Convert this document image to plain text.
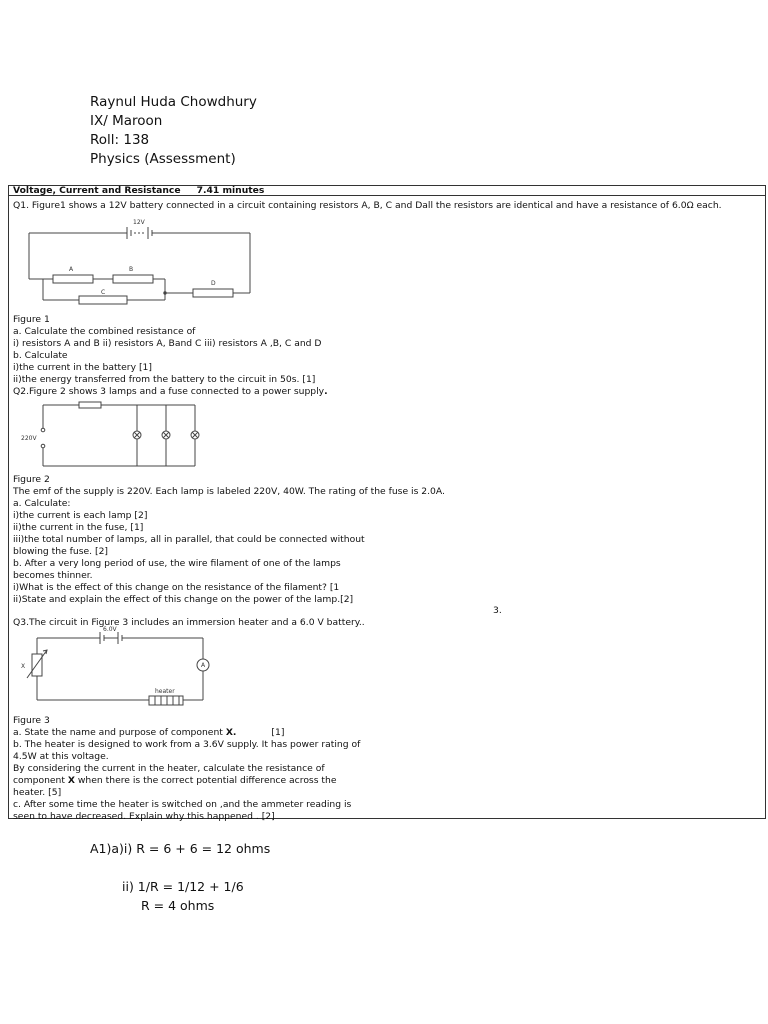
Raynul Huda Chowdhury
IX/ Maroon
Roll: 138
Physics (Assessment)
Voltage, Current and Resistance 7.41 minutes
Q1. Figure1 shows a 12V battery connected in a circuit containing resistors A, B, C and Dall the resistors are identical and have a resistance of 6.0Ω each.
12V
A	B
C
D
Figure 1
a. Calculate the combined resistance of
i) resistors A and B ii) resistors A, Band C iii) resistors A ,B, C and D
b. Calculate
i)the current in the battery [1]
ii)the energy transferred from the battery to the circuit in 50s. [1]
Q2.Figure 2 shows 3 lamps and a fuse connected to a power supply.
220V
Figure 2
The emf of the supply is 220V. Each lamp is labeled 220V, 40W. The rating of the fuse is 2.0A.
a. Calculate:
i)the current is each lamp [2]
ii)the current in the fuse, [1]
iii)the total number of lamps, all in parallel, that could be connected without
blowing the fuse. [2]
b. After a very long period of use, the wire filament of one of the lamps
becomes thinner.
i)What is the effect of this change on the resistance of the filament? [1
ii)State and explain the effect of this change on the power of the lamp.[2]
3.
Q3.The circuit in Figure 3 includes an immersion heater and a 6.0 V battery..
6.0V
X
heater
A
Figure 3
a. State the name and purpose of component X.            [1]
b. The heater is designed to work from a 3.6V supply. It has power rating of
4.5W at this voltage.
By considering the current in the heater, calculate the resistance of
component X when there is the correct potential difference across the
heater. [5]
c. After some time the heater is switched on ,and the ammeter reading is
seen to have decreased. Explain why this happened . [2]
A1)a)i) R = 6 + 6 = 12 ohms
ii) 1/R = 1/12 + 1/6
R = 4 ohms
